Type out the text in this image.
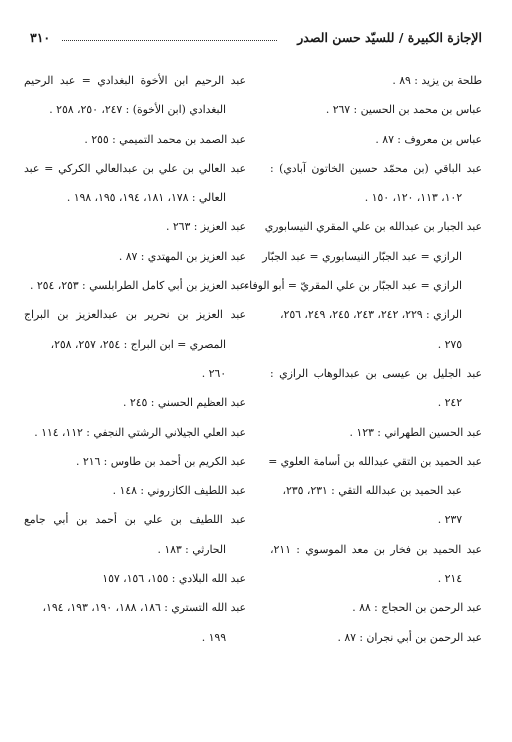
٣١٠	الإجازة الكبيرة / للسيّد حسن الصدر
طلحة بن يزيد : ٨٩ .
عباس بن محمد بن الحسين : ٢٦٧ .
عباس بن معروف : ٨٧ .
عبد الباقي (بن محمّد حسين الخاتون آبادي) :
١٠٢، ١١٣، ١٢٠، ١٥٠ .
عبد الجبار بن عبدالله بن علي المقري النيسابوري
الرازي = عبد الجبّار النيسابوري = عبد الجبّار
الرازي = عبد الجبّار بن علي المقريّ = أبو الوفاء
الرازي : ٢٢٩، ٢٤٢، ٢٤٣، ٢٤٥، ٢٤٩، ٢٥٦،
٢٧٥ .
عبد الجليل بن عيسى بن عبدالوهاب الرازي :
٢٤٢ .
عبد الحسين الطهراني : ١٢٣ .
عبد الحميد بن التقي عبدالله بن أسامة العلوي =
عبد الحميد بن عبدالله التقي : ٢٣١، ٢٣٥،
٢٣٧ .
عبد الحميد بن فخار بن معد الموسوي : ٢١١،
٢١٤ .
عبد الرحمن بن الحجاج : ٨٨ .
عبد الرحمن بن أبي نجران : ٨٧ .
عبد الرحيم ابن الأخوة البغدادي = عبد الرحيم
البغدادي (ابن الأخوة) : ٢٤٧، ٢٥٠، ٢٥٨ .
عبد الصمد بن محمد التميمي : ٢٥٥ .
عبد العالي بن علي بن عبدالعالي الكركي = عبد
العالي : ١٧٨، ١٨١، ١٩٤، ١٩٥، ١٩٨ .
عبد العزيز : ٢٦٣ .
عبد العزيز بن المهتدي : ٨٧ .
عبد العزيز بن أبي كامل الطرابلسي : ٢٥٣، ٢٥٤ .
عبد العزيز بن نحرير بن عبدالعزيز بن البراج
المصري = ابن البراج : ٢٥٤، ٢٥٧، ٢٥٨،
٢٦٠ .
عبد العظيم الحسني : ٢٤٥ .
عبد العلي الجيلاني الرشتي النجفي : ١١٢، ١١٤ .
عبد الكريم بن أحمد بن طاوس : ٢١٦ .
عبد اللطيف الكازروني : ١٤٨ .
عبد اللطيف بن علي بن أحمد بن أبي جامع
الحارثي : ١٨٣ .
عبد الله البلادي : ١٥٥، ١٥٦، ١٥٧
عبد الله التستري : ١٨٦، ١٨٨، ١٩٠، ١٩٣، ١٩٤،
١٩٩ .
